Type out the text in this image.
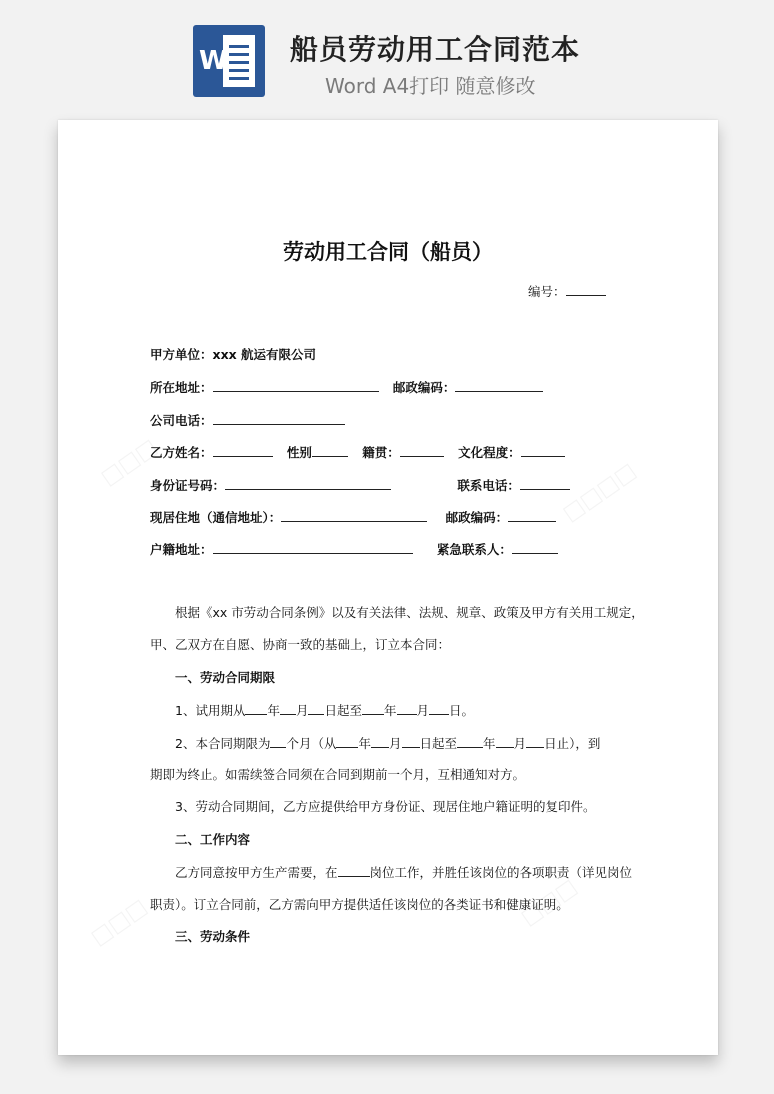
W 船员劳动用工合同范本
Word A4打印 随意修改
劳动用工合同（船员）
编号：
甲方单位：xxx 航运有限公司
所在地址：	邮政编码：
公司电话：
乙方姓名：	性别	籍贯：	文化程度：
身份证号码：	联系电话：
现居住地（通信地址）：	邮政编码：
户籍地址：	紧急联系人：
根据《xx 市劳动合同条例》以及有关法律、法规、规章、政策及甲方有关用工规定，
甲、乙双方在自愿、协商一致的基础上，订立本合同：
一、劳动合同期限
1、试用期从 年 月 日起至 年 月 日。
2、本合同期限为 个月（从 年 月 日起至 年 月 日止），到
期即为终止。如需续签合同须在合同到期前一个月，互相通知对方。
3、劳动合同期间，乙方应提供给甲方身份证、现居住地户籍证明的复印件。
二、工作内容
乙方同意按甲方生产需要，在	岗位工作，并胜任该岗位的各项职责（详见岗位
职责）。订立合同前，乙方需向甲方提供适任该岗位的各类证书和健康证明。
三、劳动条件
